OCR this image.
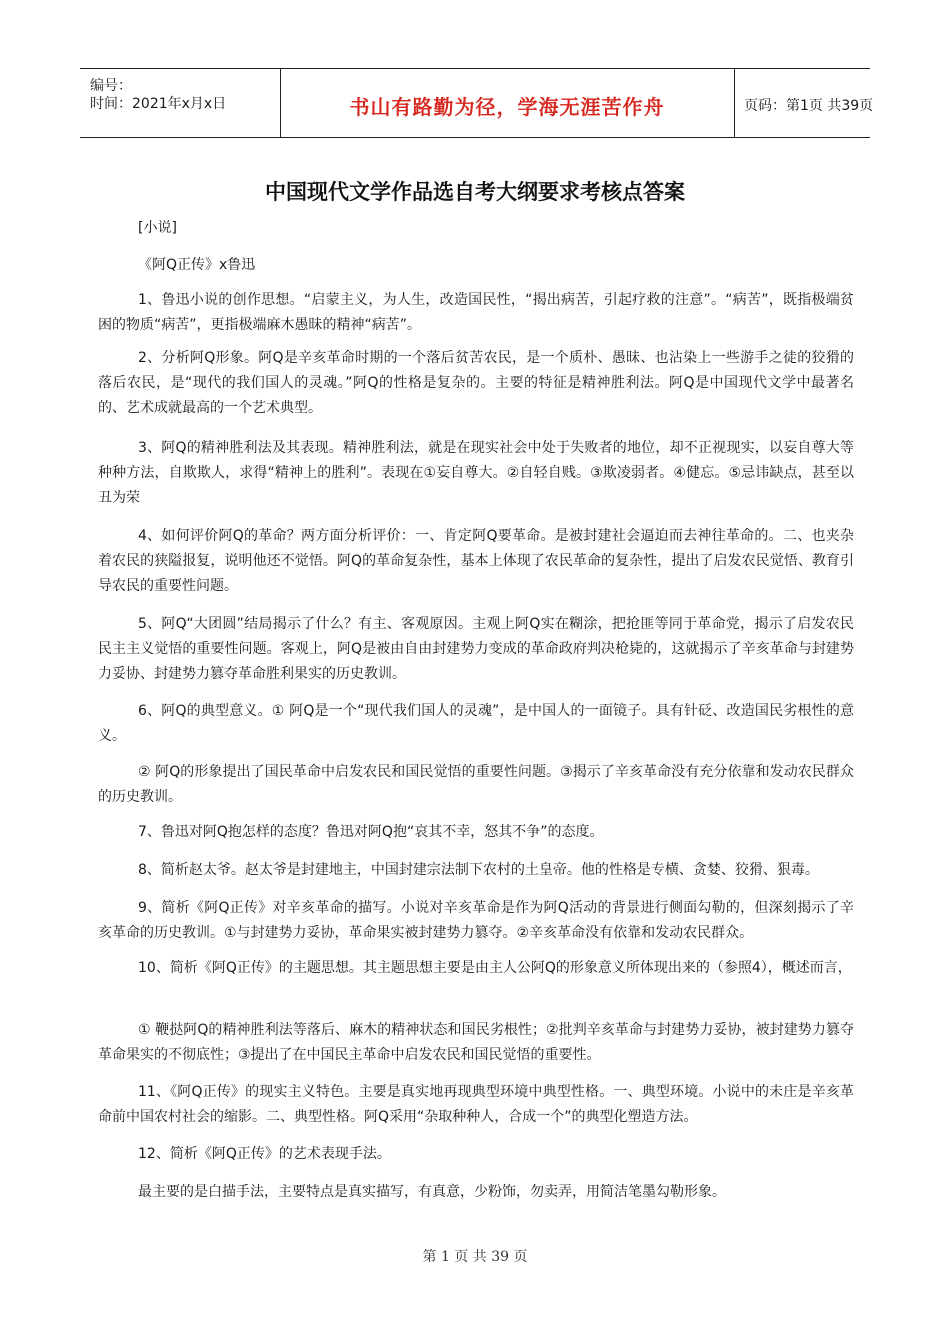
编号：
时间：2021年x月x日	书山有路勤为径，学海无涯苦作舟	页码：第1页 共39页
中国现代文学作品选自考大纲要求考核点答案

[小说]

《阿Q正传》x鲁迅

1、鲁迅小说的创作思想。“启蒙主义，为人生，改造国民性，“揭出病苦，引起疗救的注意”。“病苦”，既指极端贫困的物质“病苦”，更指极端麻木愚昧的精神“病苦”。

2、分析阿Q形象。阿Q是辛亥革命时期的一个落后贫苦农民，是一个质朴、愚昧、也沾染上一些游手之徒的狡猾的落后农民，是“现代的我们国人的灵魂。”阿Q的性格是复杂的。主要的特征是精神胜利法。阿Q是中国现代文学中最著名的、艺术成就最高的一个艺术典型。

3、阿Q的精神胜利法及其表现。精神胜利法，就是在现实社会中处于失败者的地位，却不正视现实，以妄自尊大等种种方法，自欺欺人，求得“精神上的胜利”。表现在①妄自尊大。②自轻自贱。③欺凌弱者。④健忘。⑤忌讳缺点，甚至以丑为荣

4、如何评价阿Q的革命？两方面分析评价：一、肯定阿Q要革命。是被封建社会逼迫而去神往革命的。二、也夹杂着农民的狭隘报复，说明他还不觉悟。阿Q的革命复杂性，基本上体现了农民革命的复杂性，提出了启发农民觉悟、教育引导农民的重要性问题。

5、阿Q“大团圆”结局揭示了什么？有主、客观原因。主观上阿Q实在糊涂，把抢匪等同于革命党，揭示了启发农民民主主义觉悟的重要性问题。客观上，阿Q是被由自由封建势力变成的革命政府判决枪毙的，这就揭示了辛亥革命与封建势力妥协、封建势力篡夺革命胜利果实的历史教训。

6、阿Q的典型意义。① 阿Q是一个“现代我们国人的灵魂”，是中国人的一面镜子。具有针砭、改造国民劣根性的意义。

② 阿Q的形象提出了国民革命中启发农民和国民觉悟的重要性问题。③揭示了辛亥革命没有充分依靠和发动农民群众的历史教训。

7、鲁迅对阿Q抱怎样的态度？鲁迅对阿Q抱“哀其不幸，怒其不争”的态度。

8、简析赵太爷。赵太爷是封建地主，中国封建宗法制下农村的土皇帝。他的性格是专横、贪婪、狡猾、狠毒。

9、简析《阿Q正传》对辛亥革命的描写。小说对辛亥革命是作为阿Q活动的背景进行侧面勾勒的，但深刻揭示了辛亥革命的历史教训。①与封建势力妥协，革命果实被封建势力篡夺。②辛亥革命没有依靠和发动农民群众。

10、简析《阿Q正传》的主题思想。其主题思想主要是由主人公阿Q的形象意义所体现出来的（参照4），概述而言，

① 鞭挞阿Q的精神胜利法等落后、麻木的精神状态和国民劣根性；②批判辛亥革命与封建势力妥协，被封建势力篡夺革命果实的不彻底性；③提出了在中国民主革命中启发农民和国民觉悟的重要性。

11、《阿Q正传》的现实主义特色。主要是真实地再现典型环境中典型性格。一、典型环境。小说中的未庄是辛亥革命前中国农村社会的缩影。二、典型性格。阿Q采用“杂取种种人，合成一个”的典型化塑造方法。

12、简析《阿Q正传》的艺术表现手法。

最主要的是白描手法，主要特点是真实描写，有真意，少粉饰，勿卖弄，用简洁笔墨勾勒形象。

第 1 页 共 39 页
